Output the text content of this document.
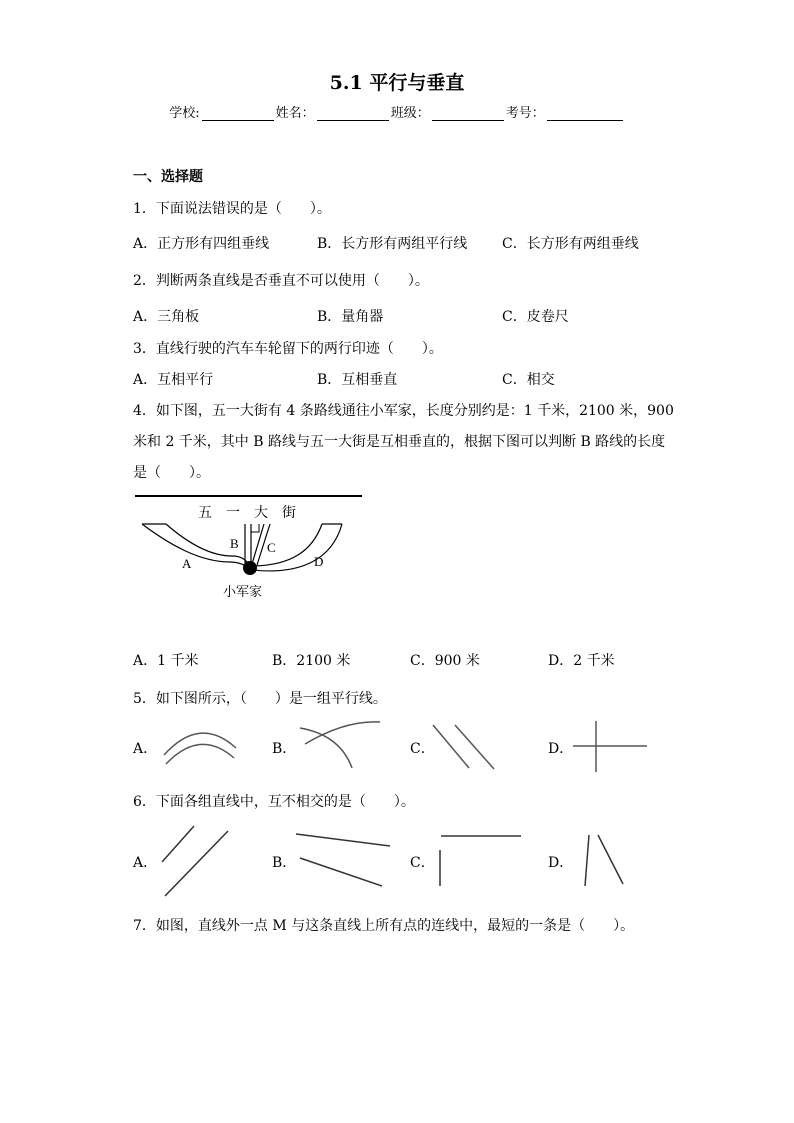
5.1 平行与垂直
学校:	姓名：	班级：	考号：
一、选择题
1．下面说法错误的是（　　）。
A．正方形有四组垂线	B．长方形有两组平行线 C．长方形有两组垂线
2．判断两条直线是否垂直不可以使用（　　）。
A．三角板	B．量角器	C．皮卷尺
3．直线行驶的汽车车轮留下的两行印迹（　　）。
A．互相平行	B．互相垂直	C．相交
4．如下图，五一大街有 4 条路线通往小军家，长度分别约是：1 千米，2100 米，900
米和 2 千米，其中 B 路线与五一大街是互相垂直的，根据下图可以判断 B 路线的长度
是（　　）。
五　一　大　街
A
B C
D
小军家
A．1 千米	B．2100 米	C．900 米	D．2 千米
5．如下图所示，（　　）是一组平行线。
A．	B．	C．	D．
6．下面各组直线中，互不相交的是（　　）。
A．	B．	C．	D．
7．如图，直线外一点 M 与这条直线上所有点的连线中，最短的一条是（　　）。
